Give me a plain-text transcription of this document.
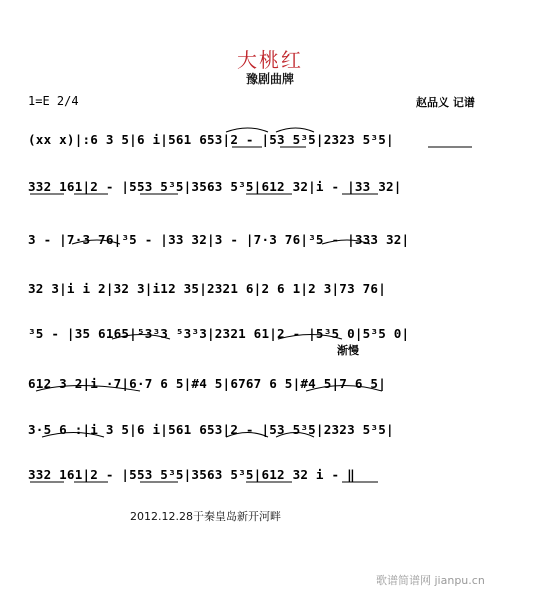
大桃红
豫剧曲牌
1=E 2/4	赵品义 记谱
(xx x)|:6 3 5|6 i|561 653|2 - |53 5³5|2323 5³5|
332 161|2 - |553 5³5|3563 5³5|612 32|i - |33 32|
3 - |7·3 76|³5 - |33 32|3 - |7·3 76|³5 - |333 32|
32 3|i i 2|32 3|i12 35|2321 6|2 6 1|2 3|73 76|
³5 - |35 6165|⁵3³3 ⁵3³3|2321 61|2 - |5³5 0|5³5 0|
渐慢
612 3 2|i ·7|6·7 6 5|#4 5|6767 6 5|#4 5|7 6 5|
3·5 6 :|i 3 5|6 i|561 653|2 - |53 5³5|2323 5³5|
332 161|2 - |553 5³5|3563 5³5|612 32 i - ‖
2012.12.28于秦皇岛新开河畔
歌谱简谱网 jianpu.cn
